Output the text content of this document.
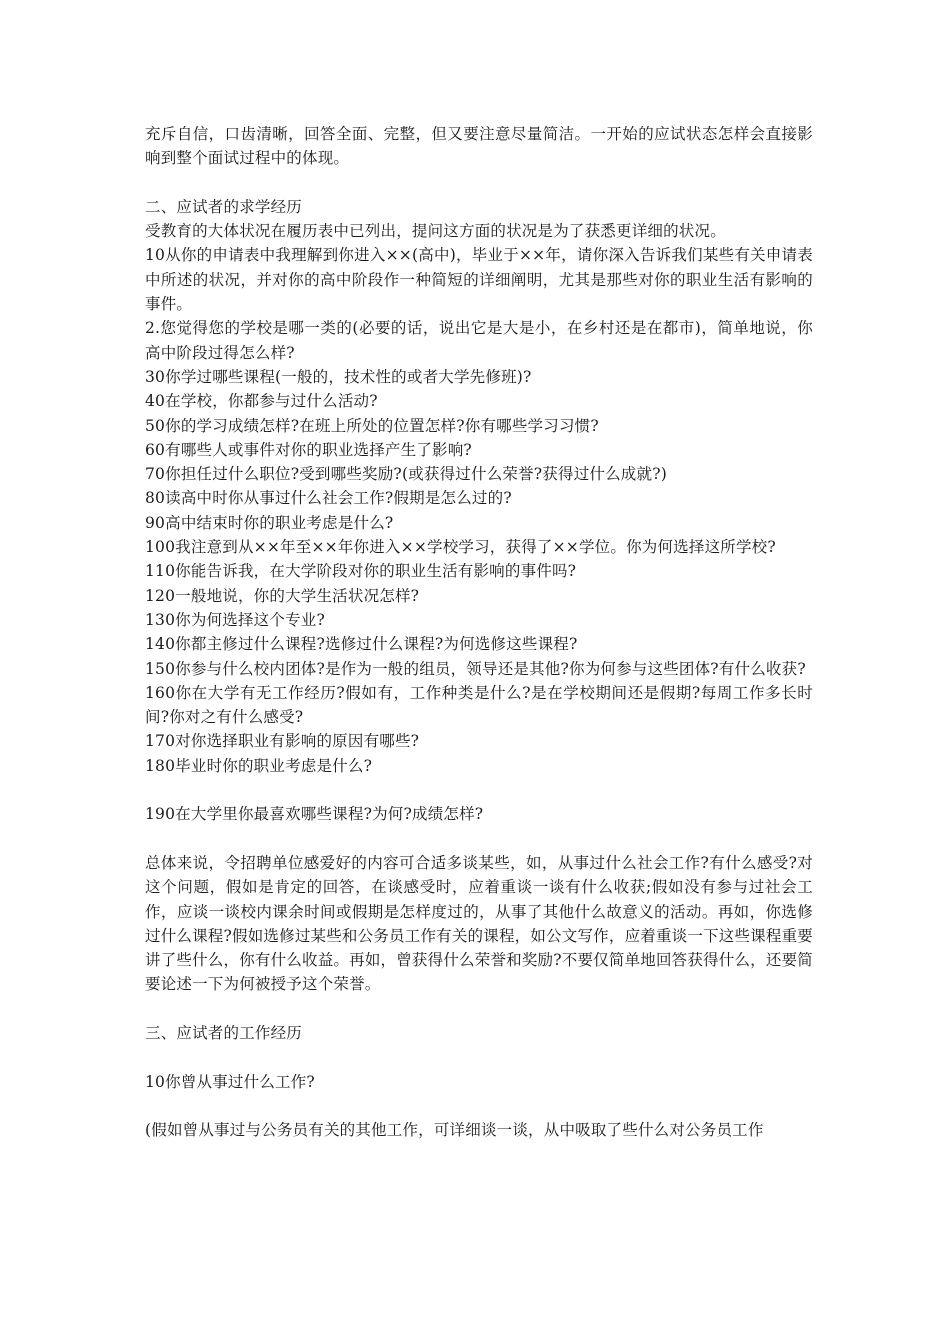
充斥自信，口齿清晰，回答全面、完整，但又要注意尽量简洁。一开始的应试状态怎样会直接影响到整个面试过程中的体现。

二、应试者的求学经历

受教育的大体状况在履历表中已列出，提问这方面的状况是为了获悉更详细的状况。

10从你的申请表中我理解到你进入××(高中)，毕业于××年，请你深入告诉我们某些有关申请表中所述的状况，并对你的高中阶段作一种简短的详细阐明，尤其是那些对你的职业生活有影响的事件。

2.您觉得您的学校是哪一类的(必要的话，说出它是大是小，在乡村还是在都市)，简单地说，你高中阶段过得怎么样?

30你学过哪些课程(一般的，技术性的或者大学先修班)?

40在学校，你都参与过什么活动?

50你的学习成绩怎样?在班上所处的位置怎样?你有哪些学习习惯?

60有哪些人或事件对你的职业选择产生了影响?

70你担任过什么职位?受到哪些奖励?(或获得过什么荣誉?获得过什么成就?)

80读高中时你从事过什么社会工作?假期是怎么过的?

90高中结束时你的职业考虑是什么?

100我注意到从××年至××年你进入××学校学习，获得了××学位。你为何选择这所学校?

110你能告诉我，在大学阶段对你的职业生活有影响的事件吗?

120一般地说，你的大学生活状况怎样?

130你为何选择这个专业?

140你都主修过什么课程?选修过什么课程?为何选修这些课程?

150你参与什么校内团体?是作为一般的组员，领导还是其他?你为何参与这些团体?有什么收获?

160你在大学有无工作经历?假如有，工作种类是什么?是在学校期间还是假期?每周工作多长时间?你对之有什么感受?

170对你选择职业有影响的原因有哪些?

180毕业时你的职业考虑是什么?

190在大学里你最喜欢哪些课程?为何?成绩怎样?

总体来说，令招聘单位感爱好的内容可合适多谈某些，如，从事过什么社会工作?有什么感受?对这个问题，假如是肯定的回答，在谈感受时，应着重谈一谈有什么收获;假如没有参与过社会工作，应谈一谈校内课余时间或假期是怎样度过的，从事了其他什么故意义的活动。再如，你选修过什么课程?假如选修过某些和公务员工作有关的课程，如公文写作，应着重谈一下这些课程重要讲了些什么，你有什么收益。再如，曾获得什么荣誉和奖励?不要仅简单地回答获得什么，还要简要论述一下为何被授予这个荣誉。

三、应试者的工作经历

10你曾从事过什么工作?

(假如曾从事过与公务员有关的其他工作，可详细谈一谈，从中吸取了些什么对公务员工作
